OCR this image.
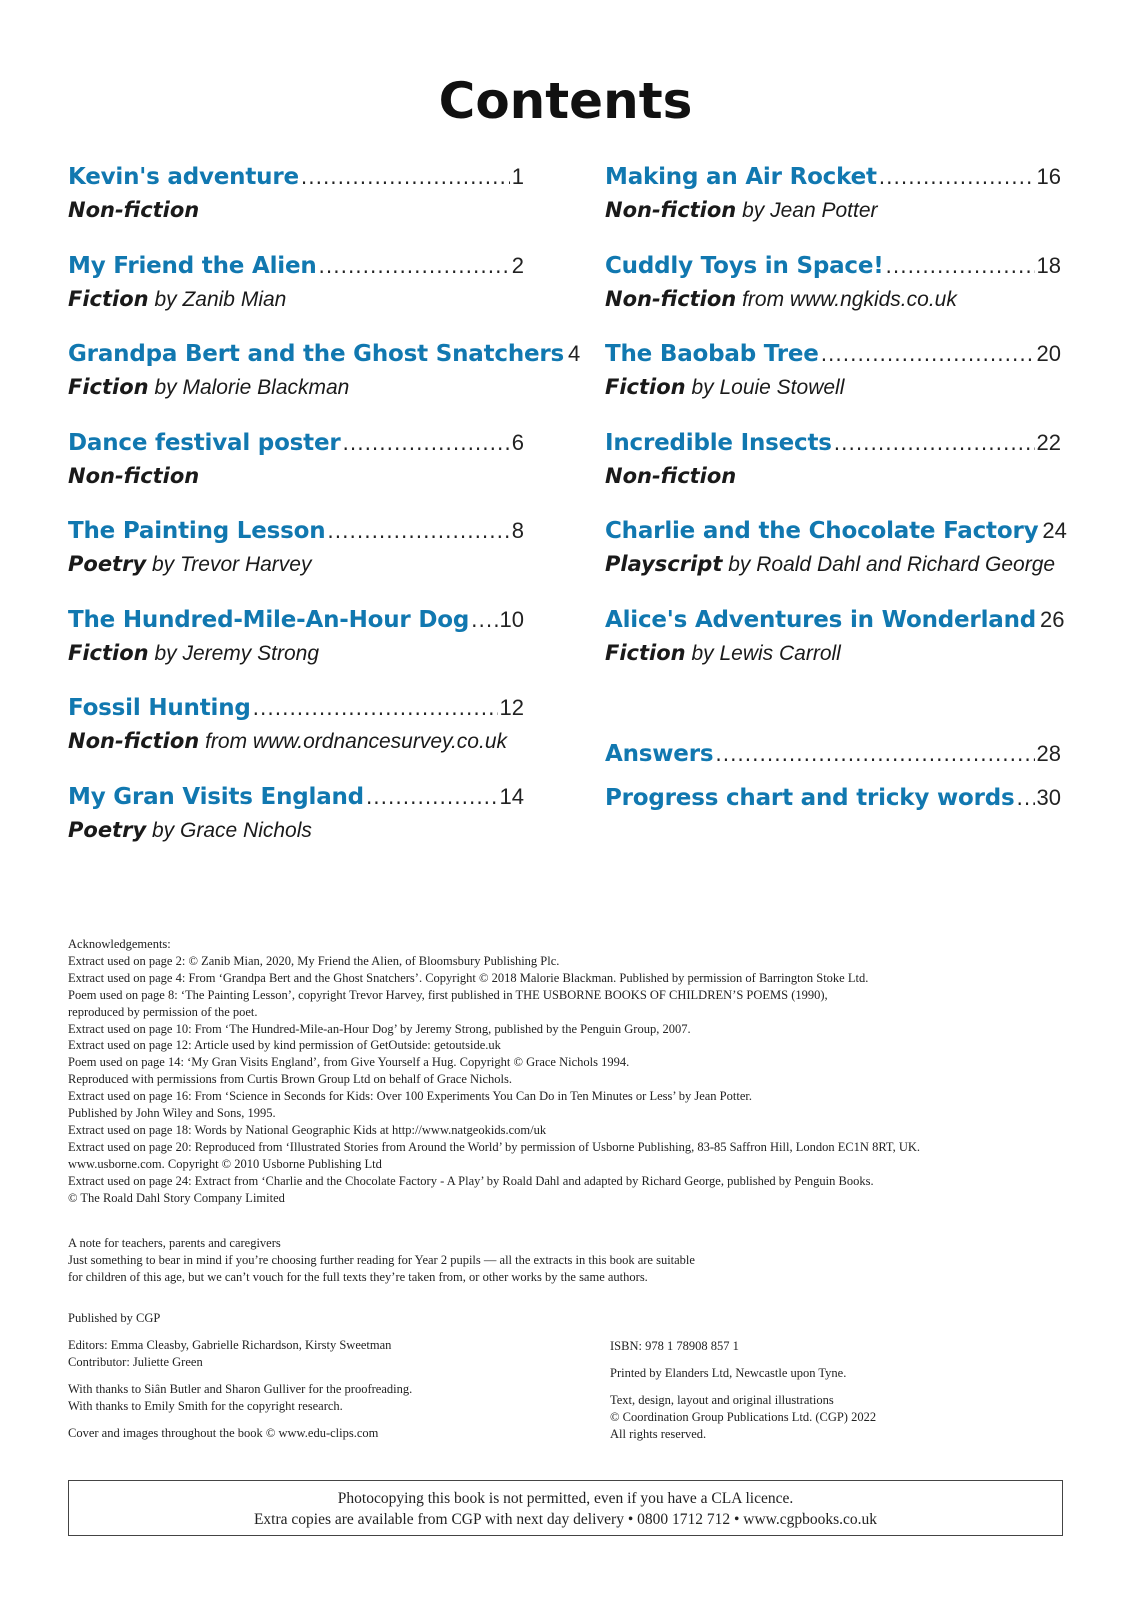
Contents
Kevin's adventure .....	1
Non-fiction
My Friend the Alien .....	2
Fiction by Zanib Mian
Grandpa Bert and the Ghost Snatchers 4
Fiction by Malorie Blackman
Dance festival poster .....	6
Non-fiction
The Painting Lesson .....	8
Poetry by Trevor Harvey
The Hundred-Mile-An-Hour Dog ..... 10
Fiction by Jeremy Strong
Fossil Hunting .....	12
Non-fiction from www.ordnancesurvey.co.uk
My Gran Visits England .....	14
Poetry by Grace Nichols
Making an Air Rocket .....	16
Non-fiction by Jean Potter
Cuddly Toys in Space! .....	18
Non-fiction from www.ngkids.co.uk
The Baobab Tree .....	20
Fiction by Louie Stowell
Incredible Insects .....	22
Non-fiction
Charlie and the Chocolate Factory 24
Playscript by Roald Dahl and Richard George
Alice's Adventures in Wonderland 26
Fiction by Lewis Carroll
Answers .....	28
Progress chart and tricky words ..... 30
Acknowledgements:
Extract used on page 2: © Zanib Mian, 2020, My Friend the Alien, of Bloomsbury Publishing Plc.
Extract used on page 4: From ‘Grandpa Bert and the Ghost Snatchers’. Copyright © 2018 Malorie Blackman. Published by permission of Barrington Stoke Ltd.
Poem used on page 8: ‘The Painting Lesson’, copyright Trevor Harvey, first published in THE USBORNE BOOKS OF CHILDREN’S POEMS (1990),
reproduced by permission of the poet.
Extract used on page 10: From ‘The Hundred-Mile-an-Hour Dog’ by Jeremy Strong, published by the Penguin Group, 2007.
Extract used on page 12: Article used by kind permission of GetOutside: getoutside.uk
Poem used on page 14: ‘My Gran Visits England’, from Give Yourself a Hug. Copyright © Grace Nichols 1994.
Reproduced with permissions from Curtis Brown Group Ltd on behalf of Grace Nichols.
Extract used on page 16: From ‘Science in Seconds for Kids: Over 100 Experiments You Can Do in Ten Minutes or Less’ by Jean Potter.
Published by John Wiley and Sons, 1995.
Extract used on page 18: Words by National Geographic Kids at http://www.natgeokids.com/uk
Extract used on page 20: Reproduced from ‘Illustrated Stories from Around the World’ by permission of Usborne Publishing, 83-85 Saffron Hill, London EC1N 8RT, UK.
www.usborne.com. Copyright © 2010 Usborne Publishing Ltd
Extract used on page 24: Extract from ‘Charlie and the Chocolate Factory - A Play’ by Roald Dahl and adapted by Richard George, published by Penguin Books.
© The Roald Dahl Story Company Limited
A note for teachers, parents and caregivers
Just something to bear in mind if you’re choosing further reading for Year 2 pupils — all the extracts in this book are suitable
for children of this age, but we can’t vouch for the full texts they’re taken from, or other works by the same authors.
Published by CGP
Editors: Emma Cleasby, Gabrielle Richardson, Kirsty Sweetman
Contributor: Juliette Green
With thanks to Siân Butler and Sharon Gulliver for the proofreading.
With thanks to Emily Smith for the copyright research.
Cover and images throughout the book © www.edu-clips.com
ISBN: 978 1 78908 857 1
Printed by Elanders Ltd, Newcastle upon Tyne.
Text, design, layout and original illustrations
© Coordination Group Publications Ltd. (CGP) 2022
All rights reserved.
Photocopying this book is not permitted, even if you have a CLA licence.
Extra copies are available from CGP with next day delivery • 0800 1712 712 • www.cgpbooks.co.uk
